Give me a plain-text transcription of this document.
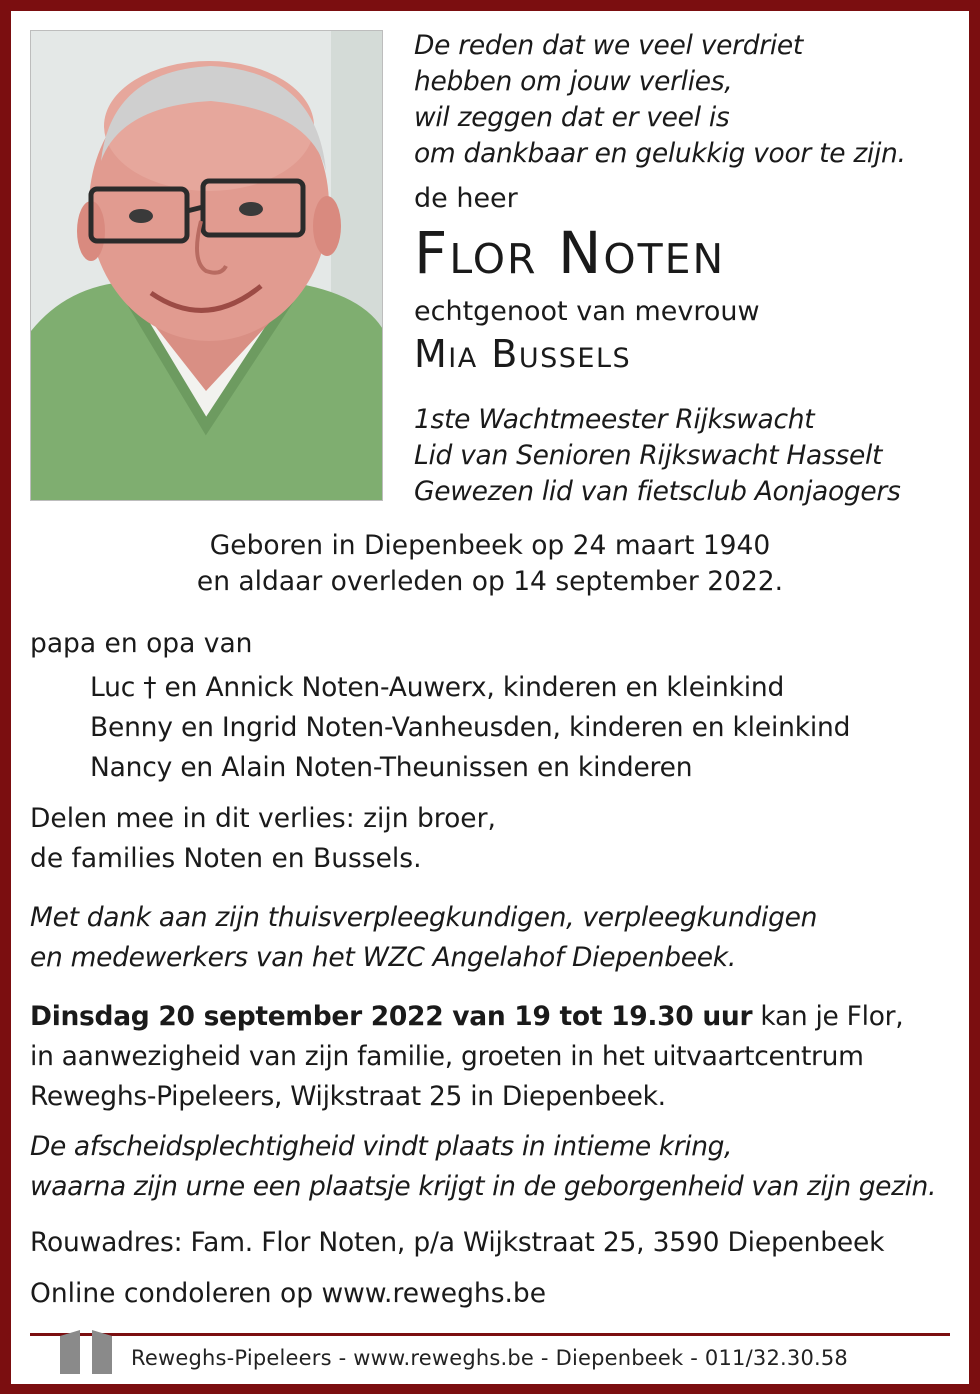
De reden dat we veel verdriet
hebben om jouw verlies,
wil zeggen dat er veel is
om dankbaar en gelukkig voor te zijn.
de heer
Flor Noten
echtgenoot van mevrouw
Mia Bussels
1ste Wachtmeester Rijkswacht
Lid van Senioren Rijkswacht Hasselt
Gewezen lid van fietsclub Aonjaogers
Geboren in Diepenbeek op 24 maart 1940
en aldaar overleden op 14 september 2022.
papa en opa van
Luc † en Annick Noten-Auwerx, kinderen en kleinkind
Benny en Ingrid Noten-Vanheusden, kinderen en kleinkind
Nancy en Alain Noten-Theunissen en kinderen
Delen mee in dit verlies: zijn broer,
de families Noten en Bussels.
Met dank aan zijn thuisverpleegkundigen, verpleegkundigen
en medewerkers van het WZC Angelahof Diepenbeek.
Dinsdag 20 september 2022 van 19 tot 19.30 uur kan je Flor,
in aanwezigheid van zijn familie, groeten in het uitvaartcentrum
Reweghs-Pipeleers, Wijkstraat 25 in Diepenbeek.
De afscheidsplechtigheid vindt plaats in intieme kring,
waarna zijn urne een plaatsje krijgt in de geborgenheid van zijn gezin.
Rouwadres: Fam. Flor Noten, p/a Wijkstraat 25, 3590 Diepenbeek
Online condoleren op www.reweghs.be
Reweghs-Pipeleers - www.reweghs.be - Diepenbeek - 011/32.30.58
